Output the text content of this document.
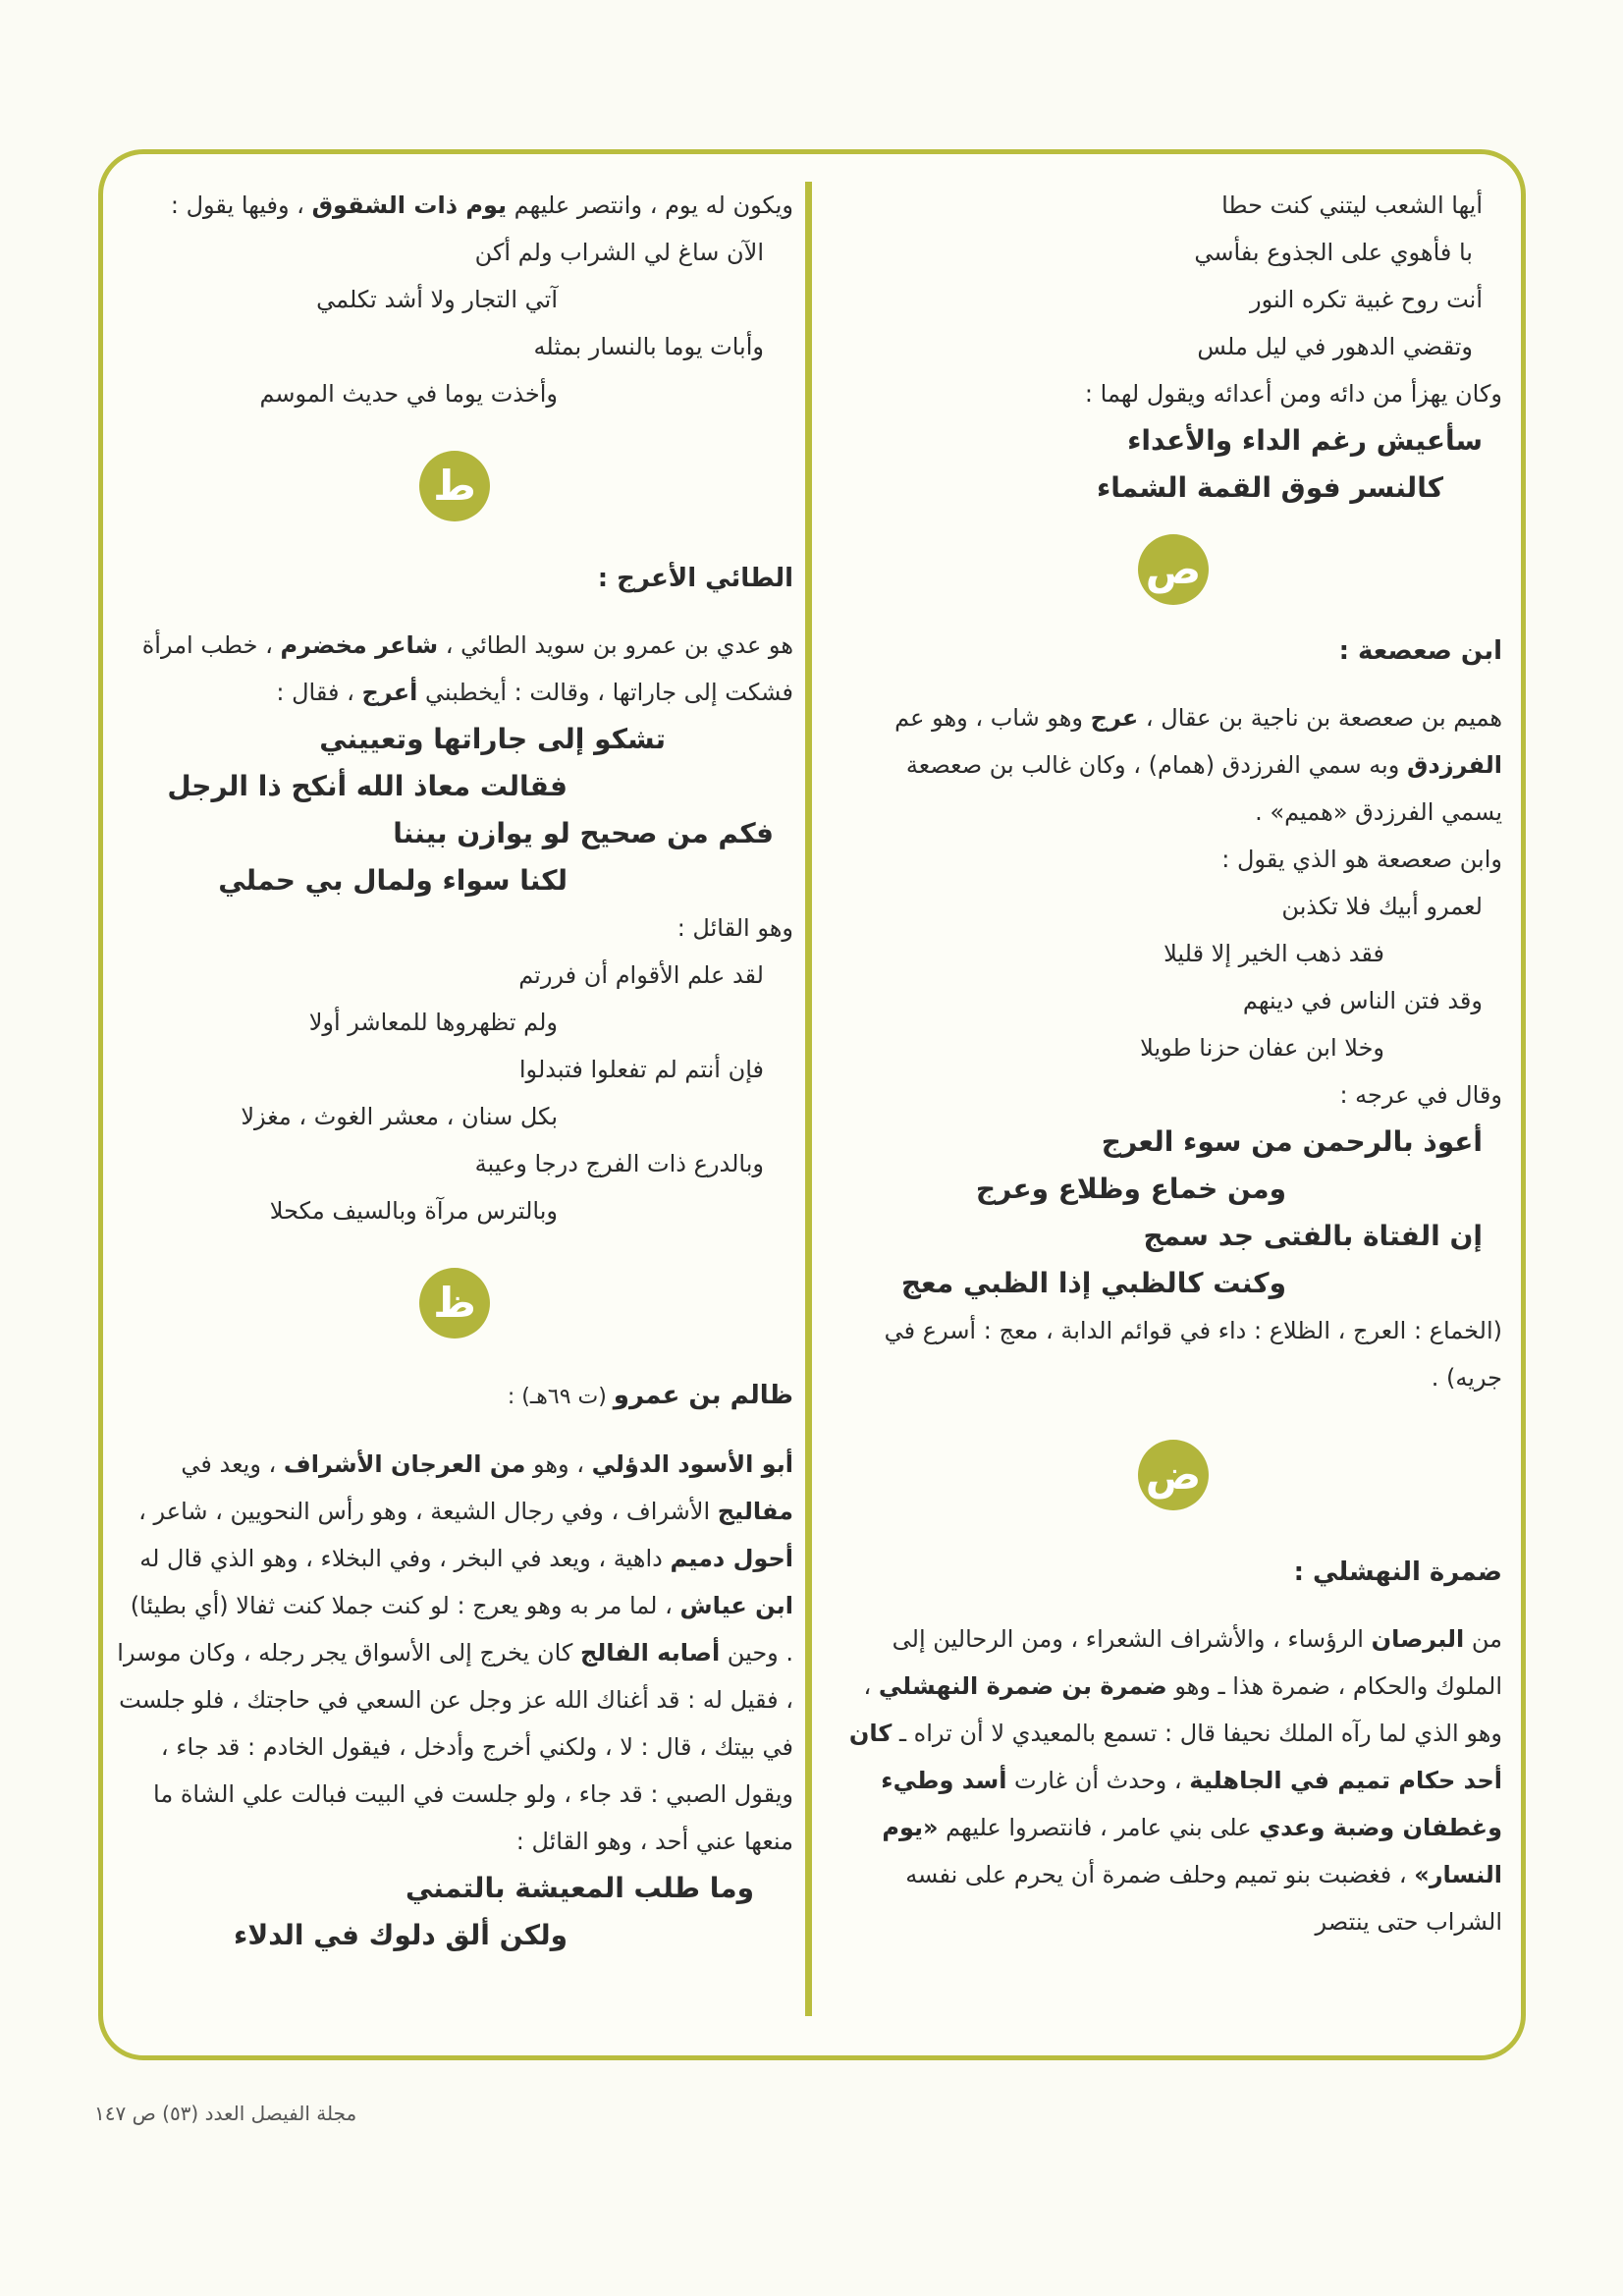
أيها الشعب ليتني كنت حطا

با فأهوي على الجذوع بفأسي

أنت روح غبية تكره النور

وتقضي الدهور في ليل ملس

وكان يهزأ من دائه ومن أعدائه ويقول لهما :

سأعيش رغم الداء والأعداء

كالنسر فوق القمة الشماء

ص

ابن صعصعة :

هميم بن صعصعة بن ناجية بن عقال ، عرج وهو شاب ، وهو عم الفرزدق وبه سمي الفرزدق (همام) ، وكان غالب بن صعصعة يسمي الفرزدق «هميم» .

وابن صعصعة هو الذي يقول :

لعمرو أبيك فلا تكذبن

فقد ذهب الخير إلا قليلا

وقد فتن الناس في دينهم

وخلا ابن عفان حزنا طويلا

وقال في عرجه :

أعوذ بالرحمن من سوء العرج

ومن خماع وظلاع وعرج

إن الفتاة بالفتى جد سمج

وكنت كالظبي إذا الظبي معج

(الخماع : العرج ، الظلاع : داء في قوائم الدابة ، معج : أسرع في جريه) .

ض

ضمرة النهشلي :

من البرصان الرؤساء ، والأشراف الشعراء ، ومن الرحالين إلى الملوك والحكام ، ضمرة هذا ـ وهو ضمرة بن ضمرة النهشلي ، وهو الذي لما رآه الملك نحيفا قال : تسمع بالمعيدي لا أن تراه ـ كان أحد حكام تميم في الجاهلية ، وحدث أن غارت أسد وطيء وغطفان وضبة وعدي على بني عامر ، فانتصروا عليهم «يوم النسار» ، فغضبت بنو تميم وحلف ضمرة أن يحرم على نفسه الشراب حتى ينتصر

ويكون له يوم ، وانتصر عليهم يوم ذات الشقوق ، وفيها يقول :

الآن ساغ لي الشراب ولم أكن

آتي التجار ولا أشد تكلمي

وأبات يوما بالنسار بمثله

وأخذت يوما في حديث الموسم

ط

الطائي الأعرج :

هو عدي بن عمرو بن سويد الطائي ، شاعر مخضرم ، خطب امرأة فشكت إلى جاراتها ، وقالت : أيخطبني أعرج ، فقال :

تشكو إلى جاراتها وتعييني

فقالت معاذ الله أنكح ذا الرجل

فكم من صحيح لو يوازن بيننا

لكنا سواء ولمال بي حملي

وهو القائل :

لقد علم الأقوام أن فررتم

ولم تظهروها للمعاشر أولا

فإن أنتم لم تفعلوا فتبدلوا

بكل سنان ، معشر الغوث ، مغزلا

وبالدرع ذات الفرج درجا وعيبة

وبالترس مرآة وبالسيف مكحلا

ظ

ظالم بن عمرو (ت ٦٩هـ) :

أبو الأسود الدؤلي ، وهو من العرجان الأشراف ، ويعد في مفاليج الأشراف ، وفي رجال الشيعة ، وهو رأس النحويين ، شاعر ، أحول دميم داهية ، ويعد في البخر ، وفي البخلاء ، وهو الذي قال له ابن عياش ، لما مر به وهو يعرج : لو كنت جملا كنت ثفالا (أي بطيئا) . وحين أصابه الفالج كان يخرج إلى الأسواق يجر رجله ، وكان موسرا ، فقيل له : قد أغناك الله عز وجل عن السعي في حاجتك ، فلو جلست في بيتك ، قال : لا ، ولكني أخرج وأدخل ، فيقول الخادم : قد جاء ، ويقول الصبي : قد جاء ، ولو جلست في البيت فبالت علي الشاة ما منعها عني أحد ، وهو القائل :

وما طلب المعيشة بالتمني

ولكن ألق دلوك في الدلاء

مجلة الفيصل العدد (٥٣) ص ١٤٧
